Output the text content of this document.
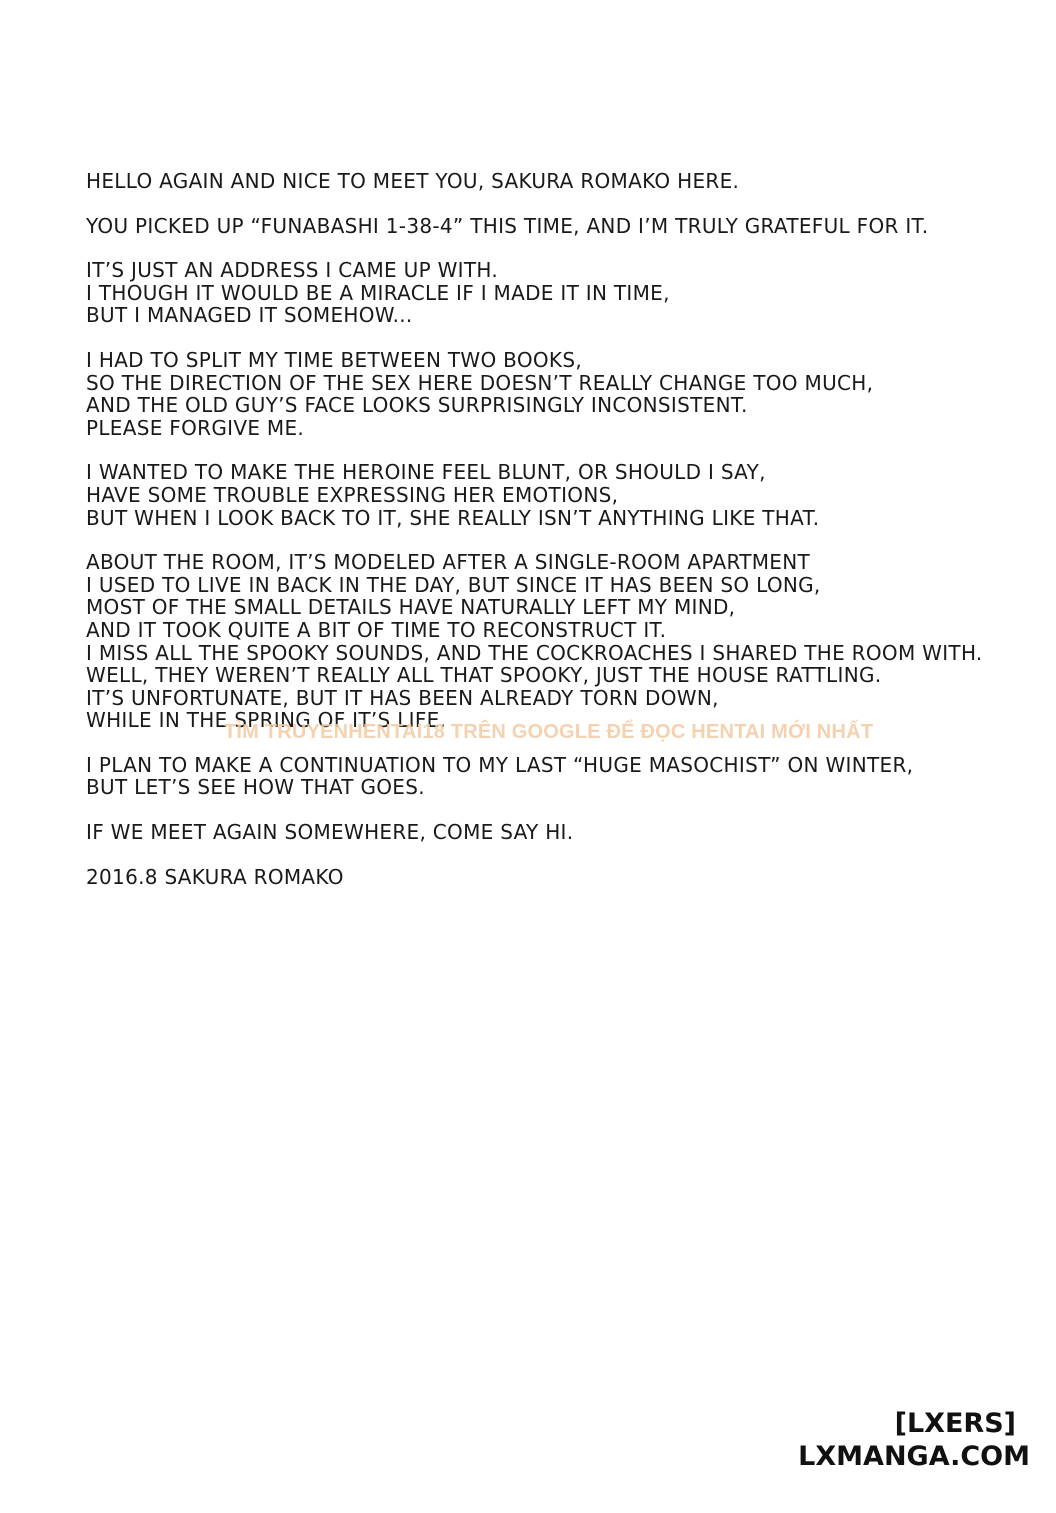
HELLO AGAIN AND NICE TO MEET YOU, SAKURA ROMAKO HERE.
YOU PICKED UP “FUNABASHI 1-38-4” THIS TIME, AND I’M TRULY GRATEFUL FOR IT.
IT’S JUST AN ADDRESS I CAME UP WITH.
I THOUGH IT WOULD BE A MIRACLE IF I MADE IT IN TIME,
BUT I MANAGED IT SOMEHOW...
I HAD TO SPLIT MY TIME BETWEEN TWO BOOKS,
SO THE DIRECTION OF THE SEX HERE DOESN’T REALLY CHANGE TOO MUCH,
AND THE OLD GUY’S FACE LOOKS SURPRISINGLY INCONSISTENT.
PLEASE FORGIVE ME.
I WANTED TO MAKE THE HEROINE FEEL BLUNT, OR SHOULD I SAY,
HAVE SOME TROUBLE EXPRESSING HER EMOTIONS,
BUT WHEN I LOOK BACK TO IT, SHE REALLY ISN’T ANYTHING LIKE THAT.
ABOUT THE ROOM, IT’S MODELED AFTER A SINGLE-ROOM APARTMENT
I USED TO LIVE IN BACK IN THE DAY, BUT SINCE IT HAS BEEN SO LONG,
MOST OF THE SMALL DETAILS HAVE NATURALLY LEFT MY MIND,
AND IT TOOK QUITE A BIT OF TIME TO RECONSTRUCT IT.
I MISS ALL THE SPOOKY SOUNDS, AND THE COCKROACHES I SHARED THE ROOM WITH.
WELL, THEY WEREN’T REALLY ALL THAT SPOOKY, JUST THE HOUSE RATTLING.
IT’S UNFORTUNATE, BUT IT HAS BEEN ALREADY TORN DOWN,
WHILE IN THE SPRING OF IT’S LIFE.
I PLAN TO MAKE A CONTINUATION TO MY LAST “HUGE MASOCHIST” ON WINTER,
BUT LET’S SEE HOW THAT GOES.
IF WE MEET AGAIN SOMEWHERE, COME SAY HI.
2016.8 SAKURA ROMAKO
TÌM TRUYENHENTAI18 TRÊN GOOGLE ĐỂ ĐỌC HENTAI MỚI NHẤT
[LXERS]
LXMANGA.COM
